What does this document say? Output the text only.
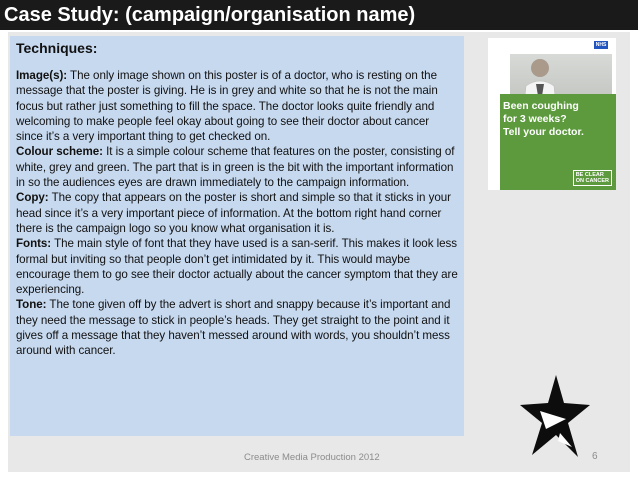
Case Study: (campaign/organisation name)
Techniques:
Image(s): The only image shown on this poster is of a doctor, who is resting on the message that the poster is giving. He is in grey and white so that he is not the main focus but rather just something to fill the space. The doctor looks quite friendly and welcoming to make people feel okay about going to see their doctor about cancer since it’s a very important thing to get checked on.
Colour scheme: It is a simple colour scheme that features on the poster, consisting of white, grey and green. The part that is in green is the bit with the important information in so the audiences eyes are drawn immediately to the campaign information.
Copy: The copy that appears on the poster is short and simple so that it sticks in your head since it’s a very important piece of information. At the bottom right hand corner there is the campaign logo so you know what organisation it is.
Fonts: The main style of font that they have used is a san-serif. This makes it look less formal but inviting so that people don’t get intimidated by it. This would maybe encourage them to go see their doctor actually about the cancer symptom that they are experiencing.
Tone: The tone given off by the advert is short and snappy because it’s important and they need the message to stick in people’s heads. They get straight to the point and it gives off a message that they haven’t messed around with words, you shouldn’t mess around with cancer.
NHS
Been coughing
for 3 weeks?
Tell your doctor.
BE CLEAR
ON CANCER
Creative Media Production 2012	6
